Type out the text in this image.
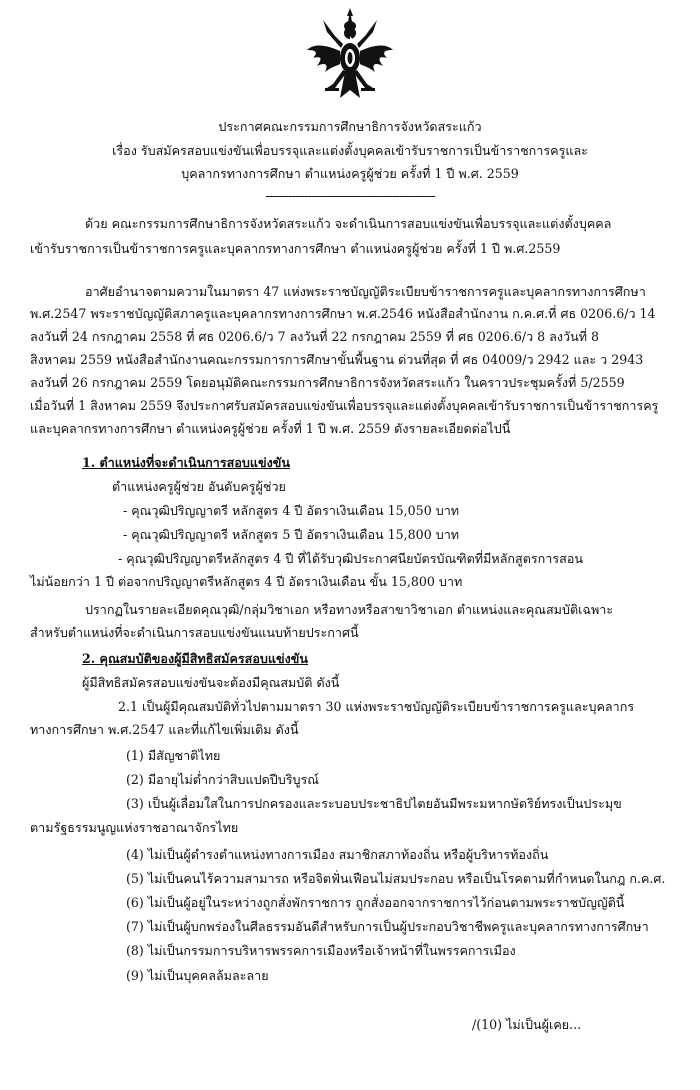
ประกาศคณะกรรมการศึกษาธิการจังหวัดสระแก้ว
เรื่อง รับสมัครสอบแข่งขันเพื่อบรรจุและแต่งตั้งบุคคลเข้ารับราชการเป็นข้าราชการครูและ
บุคลากรทางการศึกษา ตำแหน่งครูผู้ช่วย ครั้งที่ 1 ปี พ.ศ. 2559
----------------------------------------------------
ด้วย คณะกรรมการศึกษาธิการจังหวัดสระแก้ว จะดำเนินการสอบแข่งขันเพื่อบรรจุและแต่งตั้งบุคคล
เข้ารับราชการเป็นข้าราชการครูและบุคลากรทางการศึกษา ตำแหน่งครูผู้ช่วย ครั้งที่ 1 ปี พ.ศ.2559
อาศัยอำนาจตามความในมาตรา 47 แห่งพระราชบัญญัติระเบียบข้าราชการครูและบุคลากรทางการศึกษา
พ.ศ.2547 พระราชบัญญัติสภาครูและบุคลากรทางการศึกษา พ.ศ.2546 หนังสือสำนักงาน ก.ค.ศ.ที่ ศธ 0206.6/ว 14
ลงวันที่ 24 กรกฎาคม 2558 ที่ ศธ 0206.6/ว 7 ลงวันที่ 22 กรกฎาคม 2559 ที่ ศธ 0206.6/ว 8 ลงวันที่ 8
สิงหาคม 2559 หนังสือสำนักงานคณะกรรมการการศึกษาขั้นพื้นฐาน ด่วนที่สุด ที่ ศธ 04009/ว 2942 และ ว 2943
ลงวันที่ 26 กรกฎาคม 2559 โดยอนุมัติคณะกรรมการศึกษาธิการจังหวัดสระแก้ว ในคราวประชุมครั้งที่ 5/2559
เมื่อวันที่ 1 สิงหาคม 2559 จึงประกาศรับสมัครสอบแข่งขันเพื่อบรรจุและแต่งตั้งบุคคลเข้ารับราชการเป็นข้าราชการครู
และบุคลากรทางการศึกษา ตำแหน่งครูผู้ช่วย ครั้งที่ 1 ปี พ.ศ. 2559 ดังรายละเอียดต่อไปนี้
1. ตำแหน่งที่จะดำเนินการสอบแข่งขัน
ตำแหน่งครูผู้ช่วย อันดับครูผู้ช่วย
- คุณวุฒิปริญญาตรี หลักสูตร 4 ปี อัตราเงินเดือน 15,050 บาท
- คุณวุฒิปริญญาตรี หลักสูตร 5 ปี อัตราเงินเดือน 15,800 บาท
- คุณวุฒิปริญญาตรีหลักสูตร 4 ปี ที่ได้รับวุฒิประกาศนียบัตรบัณฑิตที่มีหลักสูตรการสอน
ไม่น้อยกว่า 1 ปี ต่อจากปริญญาตรีหลักสูตร 4 ปี อัตราเงินเดือน ขั้น 15,800 บาท
ปรากฏในรายละเอียดคุณวุฒิ/กลุ่มวิชาเอก หรือทางหรือสาขาวิชาเอก ตำแหน่งและคุณสมบัติเฉพาะ
สำหรับตำแหน่งที่จะดำเนินการสอบแข่งขันแนบท้ายประกาศนี้
2. คุณสมบัติของผู้มีสิทธิสมัครสอบแข่งขัน
ผู้มีสิทธิสมัครสอบแข่งขันจะต้องมีคุณสมบัติ ดังนี้
2.1 เป็นผู้มีคุณสมบัติทั่วไปตามมาตรา 30 แห่งพระราชบัญญัติระเบียบข้าราชการครูและบุคลากร
ทางการศึกษา พ.ศ.2547 และที่แก้ไขเพิ่มเติม ดังนี้
(1) มีสัญชาติไทย
(2) มีอายุไม่ต่ำกว่าสิบแปดปีบริบูรณ์
(3) เป็นผู้เลื่อมใสในการปกครองและระบอบประชาธิปไตยอันมีพระมหากษัตริย์ทรงเป็นประมุข
ตามรัฐธรรมนูญแห่งราชอาณาจักรไทย
(4) ไม่เป็นผู้ดำรงตำแหน่งทางการเมือง สมาชิกสภาท้องถิ่น หรือผู้บริหารท้องถิ่น
(5) ไม่เป็นคนไร้ความสามารถ หรือจิตฟั่นเฟือนไม่สมประกอบ หรือเป็นโรคตามที่กำหนดในกฎ ก.ค.ศ.
(6) ไม่เป็นผู้อยู่ในระหว่างถูกสั่งพักราชการ ถูกสั่งออกจากราชการไว้ก่อนตามพระราชบัญญัตินี้
(7) ไม่เป็นผู้บกพร่องในศีลธรรมอันดีสำหรับการเป็นผู้ประกอบวิชาชีพครูและบุคลากรทางการศึกษา
(8) ไม่เป็นกรรมการบริหารพรรคการเมืองหรือเจ้าหน้าที่ในพรรคการเมือง
(9) ไม่เป็นบุคคลล้มละลาย
/(10) ไม่เป็นผู้เคย...
